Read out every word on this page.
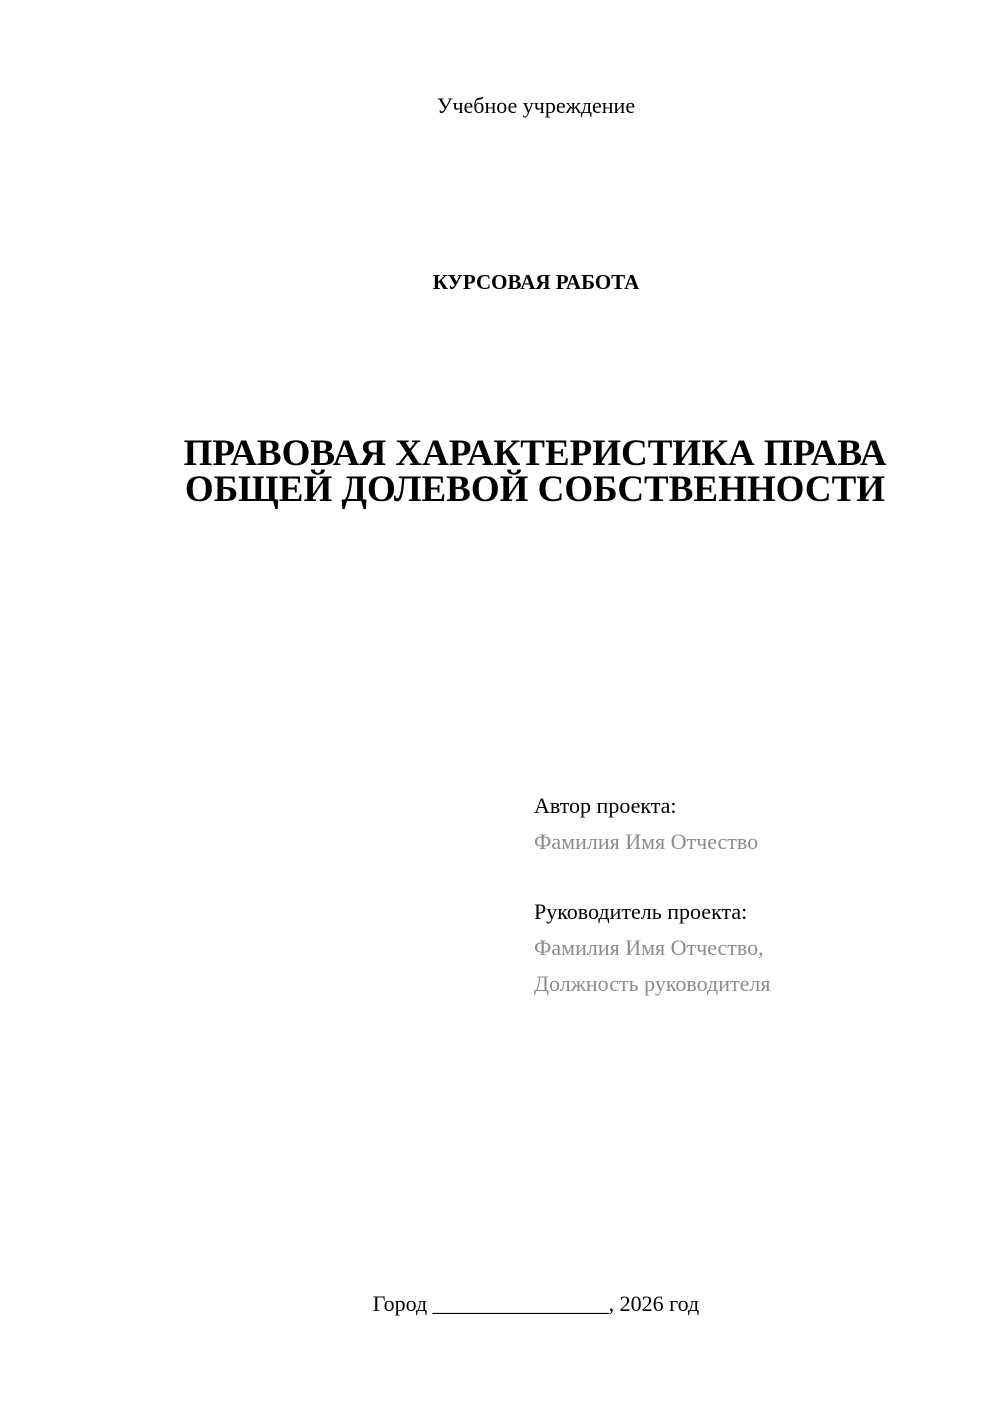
Учебное учреждение
КУРСОВАЯ РАБОТА
ПРАВОВАЯ ХАРАКТЕРИСТИКА ПРАВА
ОБЩЕЙ ДОЛЕВОЙ СОБСТВЕННОСТИ
Автор проекта:
Фамилия Имя Отчество
Руководитель проекта:
Фамилия Имя Отчество,
Должность руководителя
Город ________________, 2026 год
